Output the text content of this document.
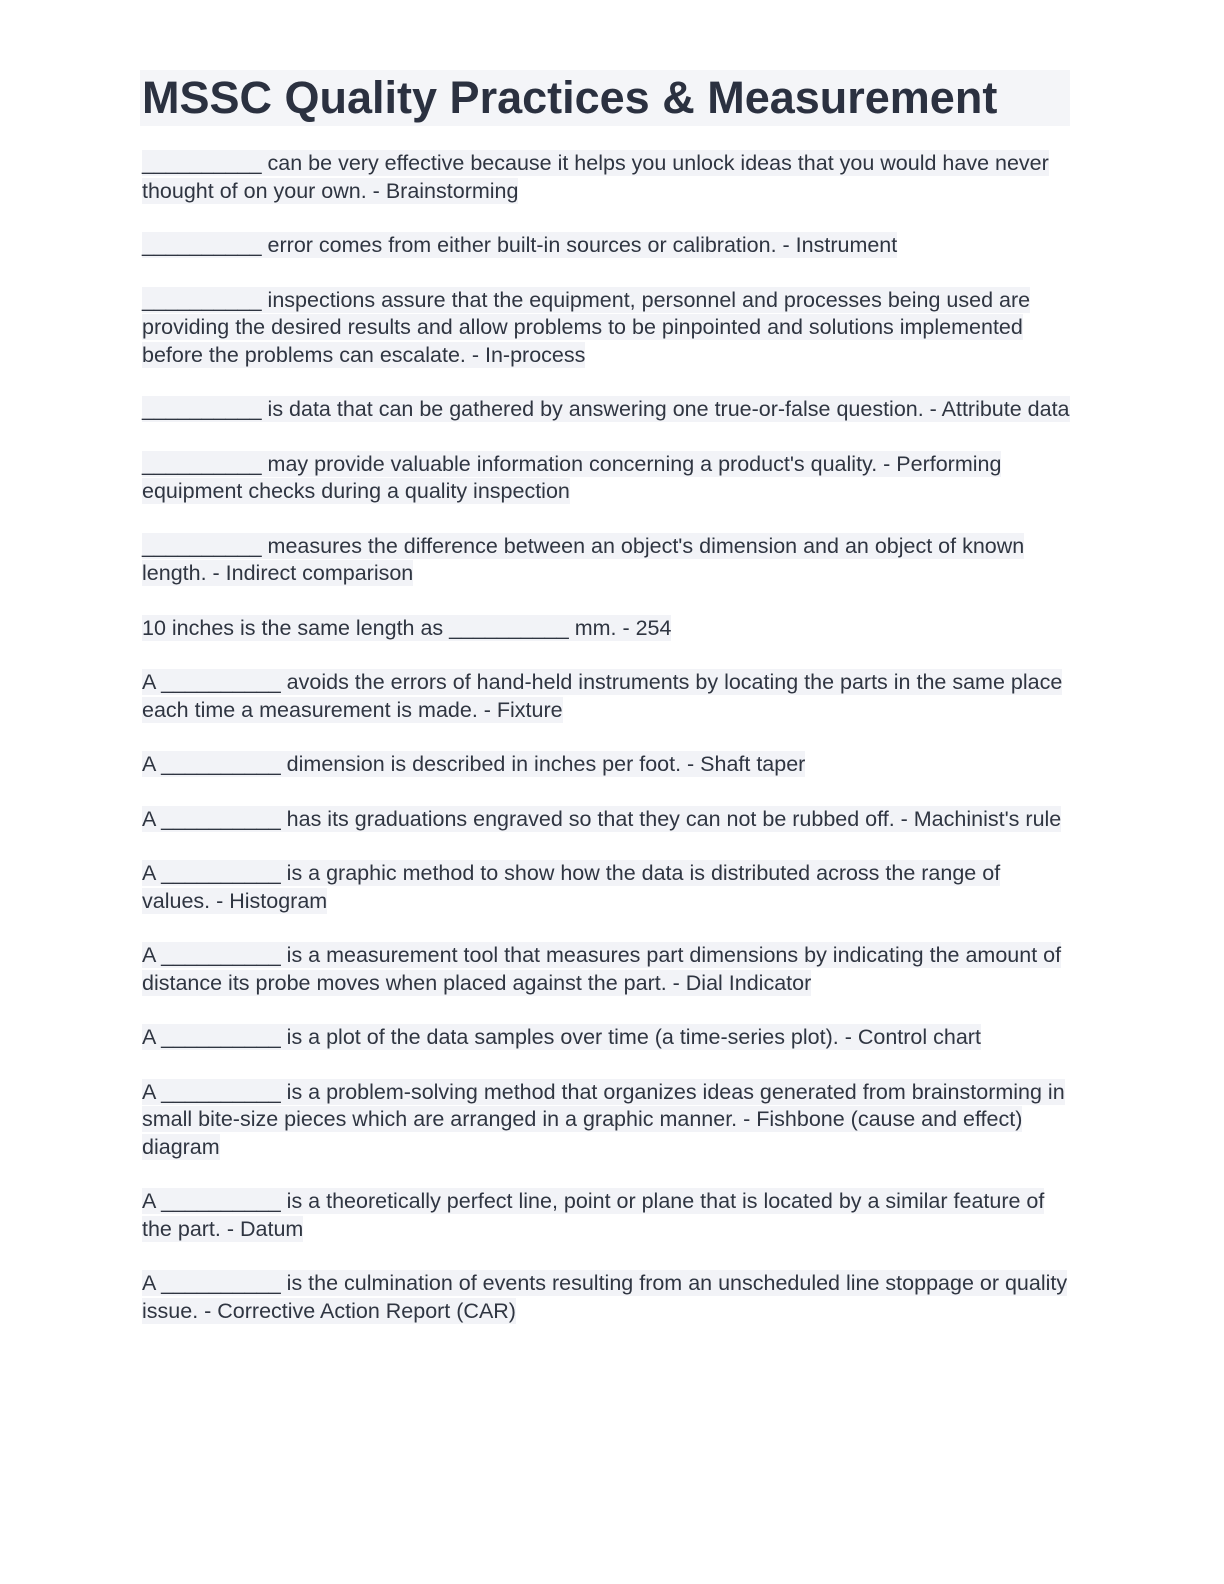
MSSC Quality Practices & Measurement

__________ can be very effective because it helps you unlock ideas that you would have never thought of on your own. - Brainstorming

__________ error comes from either built-in sources or calibration. - Instrument

__________ inspections assure that the equipment, personnel and processes being used are providing the desired results and allow problems to be pinpointed and solutions implemented before the problems can escalate. - In-process

__________ is data that can be gathered by answering one true-or-false question. - Attribute data

__________ may provide valuable information concerning a product's quality. - Performing equipment checks during a quality inspection

__________ measures the difference between an object's dimension and an object of known length. - Indirect comparison

10 inches is the same length as __________ mm. - 254

A __________ avoids the errors of hand-held instruments by locating the parts in the same place each time a measurement is made. - Fixture

A __________ dimension is described in inches per foot. - Shaft taper

A __________ has its graduations engraved so that they can not be rubbed off. - Machinist's rule

A __________ is a graphic method to show how the data is distributed across the range of values. - Histogram

A __________ is a measurement tool that measures part dimensions by indicating the amount of distance its probe moves when placed against the part. - Dial Indicator

A __________ is a plot of the data samples over time (a time-series plot). - Control chart

A __________ is a problem-solving method that organizes ideas generated from brainstorming in small bite-size pieces which are arranged in a graphic manner. - Fishbone (cause and effect) diagram

A __________ is a theoretically perfect line, point or plane that is located by a similar feature of the part. - Datum

A __________ is the culmination of events resulting from an unscheduled line stoppage or quality issue. - Corrective Action Report (CAR)
